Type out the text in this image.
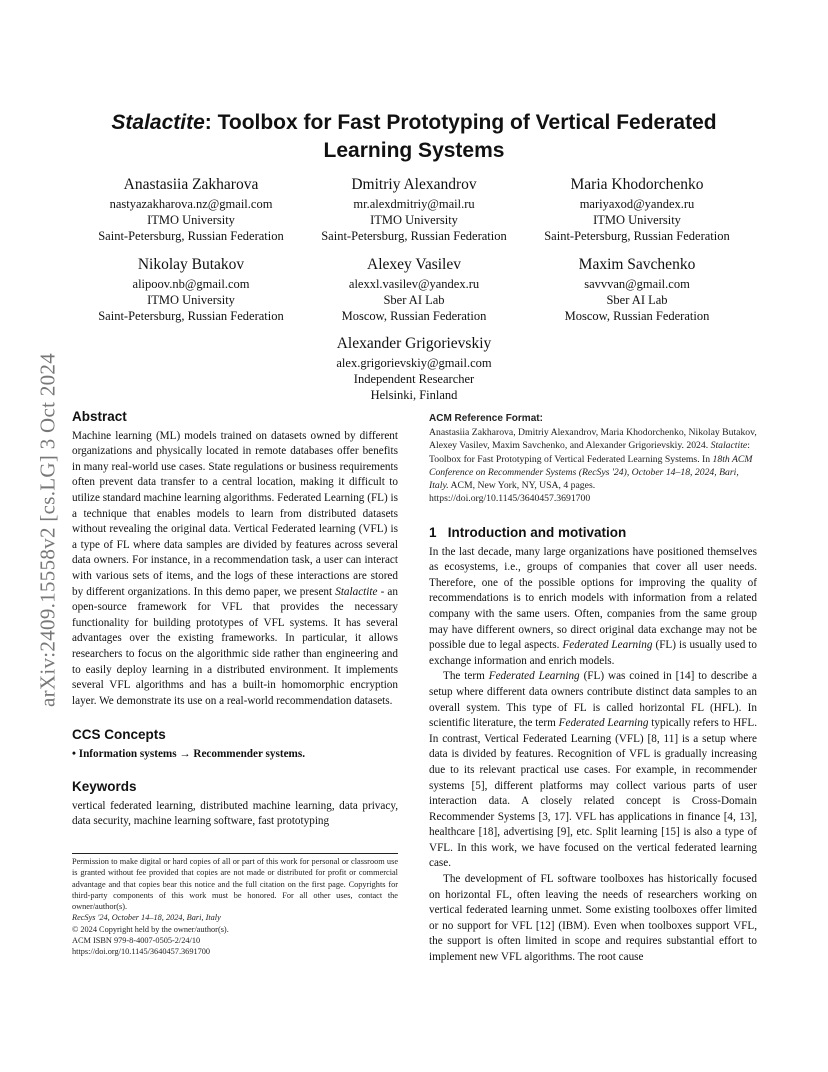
arXiv:2409.15558v2 [cs.LG] 3 Oct 2024
Stalactite: Toolbox for Fast Prototyping of Vertical Federated
Learning Systems
Anastasiia Zakharova
nastyazakharova.nz@gmail.com
ITMO University
Saint-Petersburg, Russian Federation
Dmitriy Alexandrov
mr.alexdmitriy@mail.ru
ITMO University
Saint-Petersburg, Russian Federation
Maria Khodorchenko
mariyaxod@yandex.ru
ITMO University
Saint-Petersburg, Russian Federation
Nikolay Butakov
alipoov.nb@gmail.com
ITMO University
Saint-Petersburg, Russian Federation
Alexey Vasilev
alexxl.vasilev@yandex.ru
Sber AI Lab
Moscow, Russian Federation
Maxim Savchenko
savvvan@gmail.com
Sber AI Lab
Moscow, Russian Federation
Alexander Grigorievskiy
alex.grigorievskiy@gmail.com
Independent Researcher
Helsinki, Finland
Abstract

Machine learning (ML) models trained on datasets owned by different organizations and physically located in remote databases offer benefits in many real-world use cases. State regulations or business requirements often prevent data transfer to a central location, making it difficult to utilize standard machine learning algorithms. Federated Learning (FL) is a technique that enables models to learn from distributed datasets without revealing the original data. Vertical Federated learning (VFL) is a type of FL where data samples are divided by features across several data owners. For instance, in a recommendation task, a user can interact with various sets of items, and the logs of these interactions are stored by different organizations. In this demo paper, we present Stalactite - an open-source framework for VFL that provides the necessary functionality for building prototypes of VFL systems. It has several advantages over the existing frameworks. In particular, it allows researchers to focus on the algorithmic side rather than engineering and to easily deploy learning in a distributed environment. It implements several VFL algorithms and has a built-in homomorphic encryption layer. We demonstrate its use on a real-world recommendation datasets.

CCS Concepts

• Information systems → Recommender systems.

Keywords

vertical federated learning, distributed machine learning, data privacy, data security, machine learning software, fast prototyping

Permission to make digital or hard copies of all or part of this work for personal or classroom use is granted without fee provided that copies are not made or distributed for profit or commercial advantage and that copies bear this notice and the full citation on the first page. Copyrights for third-party components of this work must be honored. For all other uses, contact the owner/author(s).
RecSys '24, October 14–18, 2024, Bari, Italy
© 2024 Copyright held by the owner/author(s).
ACM ISBN 979-8-4007-0505-2/24/10
https://doi.org/10.1145/3640457.3691700
ACM Reference Format:
Anastasiia Zakharova, Dmitriy Alexandrov, Maria Khodorchenko, Nikolay Butakov, Alexey Vasilev, Maxim Savchenko, and Alexander Grigorievskiy. 2024. Stalactite: Toolbox for Fast Prototyping of Vertical Federated Learning Systems. In 18th ACM Conference on Recommender Systems (RecSys '24), October 14–18, 2024, Bari, Italy. ACM, New York, NY, USA, 4 pages. https://doi.org/10.1145/3640457.3691700
1   Introduction and motivation

In the last decade, many large organizations have positioned themselves as ecosystems, i.e., groups of companies that cover all user needs. Therefore, one of the possible options for improving the quality of recommendations is to enrich models with information from a related company with the same users. Often, companies from the same group may have different owners, so direct original data exchange may not be possible due to legal aspects. Federated Learning (FL) is usually used to exchange information and enrich models.

The term Federated Learning (FL) was coined in [14] to describe a setup where different data owners contribute distinct data samples to an overall system. This type of FL is called horizontal FL (HFL). In scientific literature, the term Federated Learning typically refers to HFL. In contrast, Vertical Federated Learning (VFL) [8, 11] is a setup where data is divided by features. Recognition of VFL is gradually increasing due to its relevant practical use cases. For example, in recommender systems [5], different platforms may collect various parts of user interaction data. A closely related concept is Cross-Domain Recommender Systems [3, 17]. VFL has applications in finance [4, 13], healthcare [18], advertising [9], etc. Split learning [15] is also a type of VFL. In this work, we have focused on the vertical federated learning case.

The development of FL software toolboxes has historically focused on horizontal FL, often leaving the needs of researchers working on vertical federated learning unmet. Some existing toolboxes offer limited or no support for VFL [12] (IBM). Even when toolboxes support VFL, the support is often limited in scope and requires substantial effort to implement new VFL algorithms. The root cause
